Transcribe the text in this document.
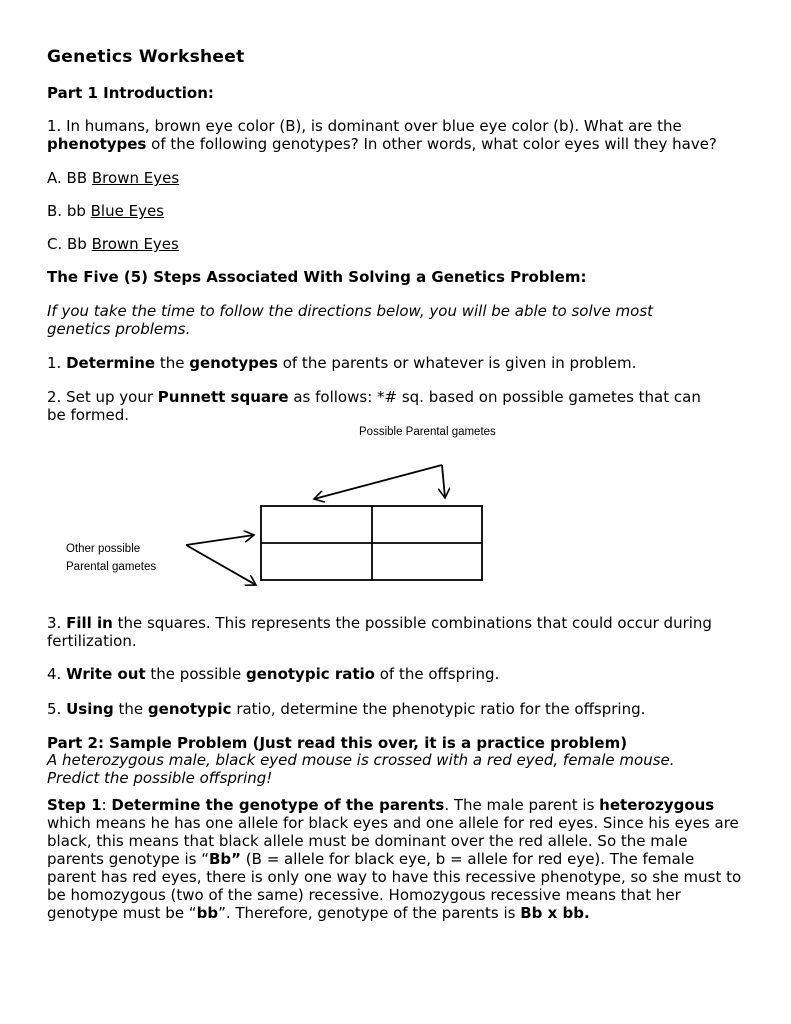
Genetics Worksheet
Part 1 Introduction:
1. In humans, brown eye color (B), is dominant over blue eye color (b). What are the
phenotypes of the following genotypes? In other words, what color eyes will they have?
A. BB Brown Eyes
B. bb Blue Eyes
C. Bb Brown Eyes
The Five (5) Steps Associated With Solving a Genetics Problem:
If you take the time to follow the directions below, you will be able to solve most
genetics problems.
1. Determine the genotypes of the parents or whatever is given in problem.
2. Set up your Punnett square as follows: *# sq. based on possible gametes that can
be formed.
Possible Parental gametes
Other possible
Parental gametes
3. Fill in the squares. This represents the possible combinations that could occur during
fertilization.
4. Write out the possible genotypic ratio of the offspring.
5. Using the genotypic ratio, determine the phenotypic ratio for the offspring.
Part 2: Sample Problem (Just read this over, it is a practice problem)
A heterozygous male, black eyed mouse is crossed with a red eyed, female mouse.
Predict the possible offspring!
Step 1: Determine the genotype of the parents. The male parent is heterozygous which means he has one allele for black eyes and one allele for red eyes. Since his eyes are black, this means that black allele must be dominant over the red allele. So the male parents genotype is “Bb” (B = allele for black eye, b = allele for red eye). The female parent has red eyes, there is only one way to have this recessive phenotype, so she must to be homozygous (two of the same) recessive. Homozygous recessive means that her genotype must be “bb”. Therefore, genotype of the parents is Bb x bb.
